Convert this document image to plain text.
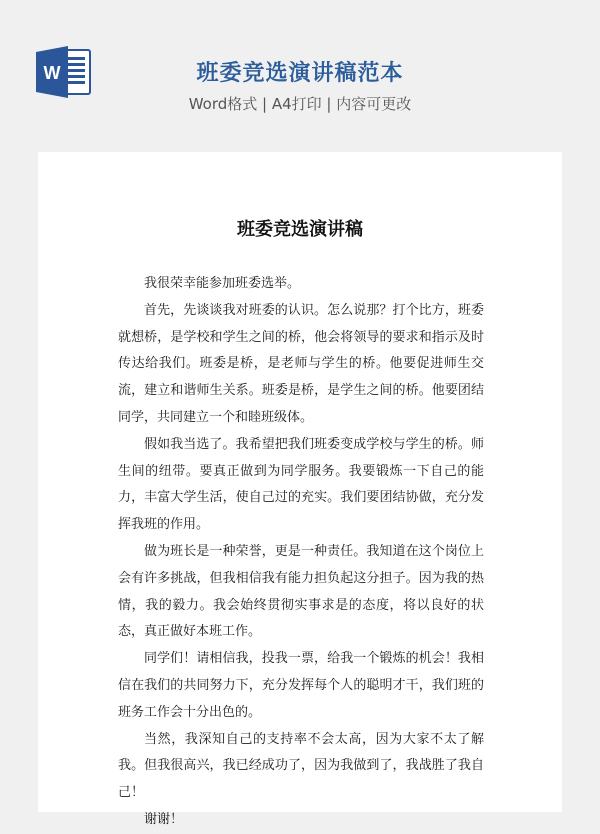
W	班委竞选演讲稿范本
Word格式 | A4打印 | 内容可更改
班委竞选演讲稿

我很荣幸能参加班委选举。

首先，先谈谈我对班委的认识。怎么说那？打个比方，班委就想桥，是学校和学生之间的桥，他会将领导的要求和指示及时传达给我们。班委是桥，是老师与学生的桥。他要促进师生交流，建立和谐师生关系。班委是桥，是学生之间的桥。他要团结同学，共同建立一个和睦班级体。

假如我当选了。我希望把我们班委变成学校与学生的桥。师生间的纽带。要真正做到为同学服务。我要锻炼一下自己的能力，丰富大学生活，使自己过的充实。我们要团结协做，充分发挥我班的作用。

做为班长是一种荣誉，更是一种责任。我知道在这个岗位上会有许多挑战，但我相信我有能力担负起这分担子。因为我的热情，我的毅力。我会始终贯彻实事求是的态度，将以良好的状态，真正做好本班工作。

同学们！请相信我，投我一票，给我一个锻炼的机会！我相信在我们的共同努力下，充分发挥每个人的聪明才干，我们班的班务工作会十分出色的。

当然，我深知自己的支持率不会太高，因为大家不太了解我。但我很高兴，我已经成功了，因为我做到了，我战胜了我自己！

谢谢！
